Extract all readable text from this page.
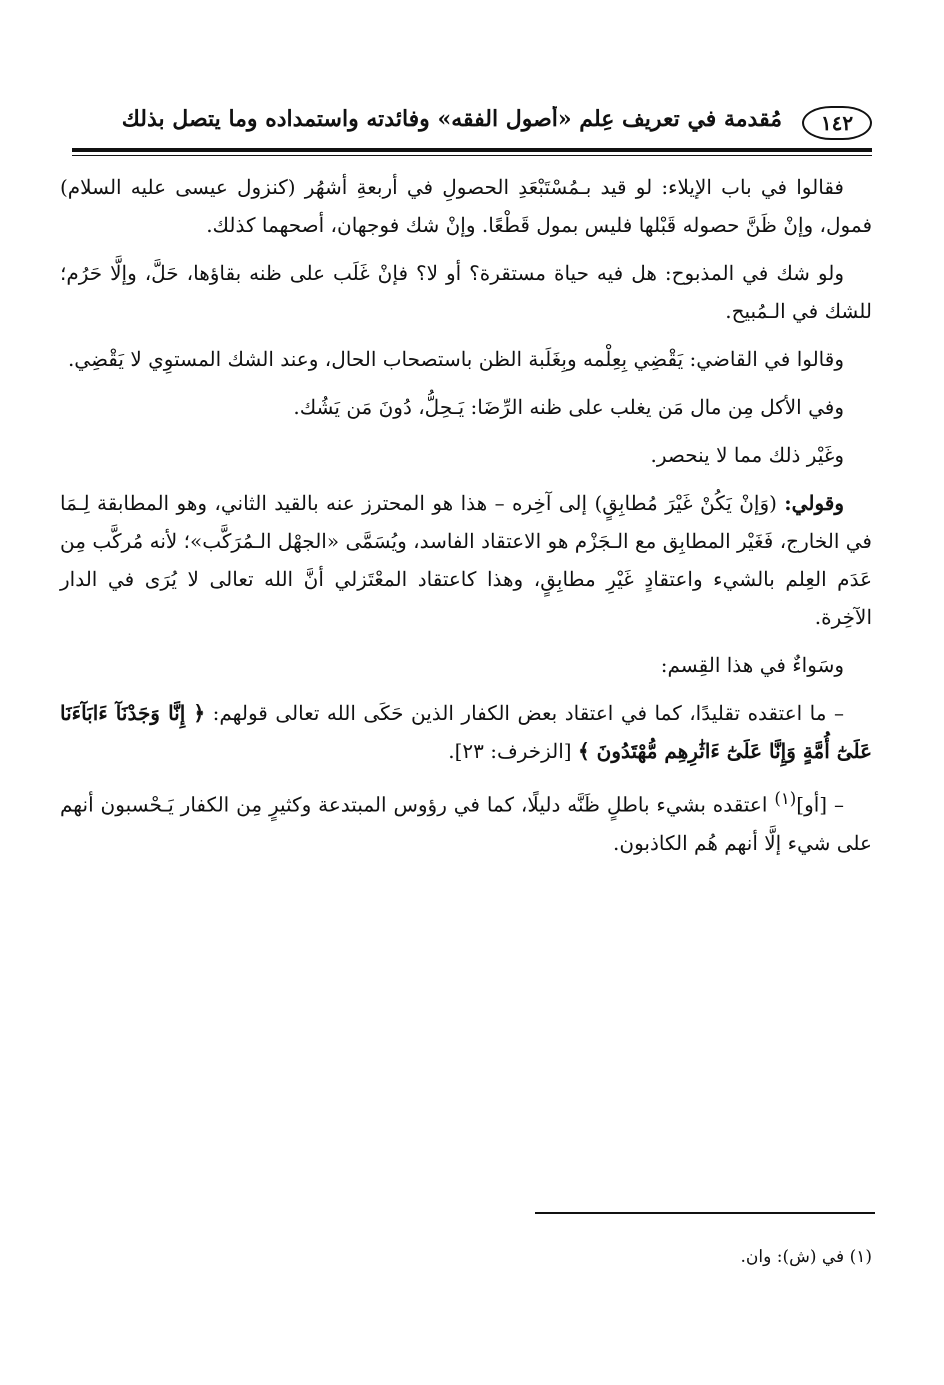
١٤٢
مُقدمة في تعريف عِلم «أصول الفقه» وفائدته واستمداده وما يتصل بذلك

فقالوا في باب الإيلاء: لو قيد بـمُسْتَبْعَدِ الحصولِ في أربعةِ أشهُر (كنزول عيسى عليه السلام) فمول، وإنْ ظَنَّ حصوله قَبْلها فليس بمول قَطْعًا. وإنْ شك فوجهان، أصحهما كذلك.

ولو شك في المذبوح: هل فيه حياة مستقرة؟ أو لا؟ فإنْ غَلَب على ظنه بقاؤها، حَلَّ، وإلَّا حَرُم؛ للشك في الـمُبيح.

وقالوا في القاضي: يَقْضِي بِعِلْمه وبِغَلَبة الظن باستصحاب الحال، وعند الشك المستوِي لا يَقْضِي.

وفي الأكل مِن مال مَن يغلب على ظنه الرِّضَا: يَـحِلُّ، دُونَ مَن يَشُك.

وغَيْر ذلك مما لا ينحصر.

وقولي: (وَإنْ يَكُنْ غَيْرَ مُطابِقٍ) إلى آخِره – هذا هو المحترز عنه بالقيد الثاني، وهو المطابقة لِـمَا في الخارج، فَغَيْر المطابِق مع الـجَزْم هو الاعتقاد الفاسد، ويُسَمَّى «الجهْل الـمُرَكَّب»؛ لأنه مُركَّب مِن عَدَم العِلم بالشيء واعتقادٍ غَيْرِ مطابِقٍ، وهذا كاعتقاد المعْتَزلي أنَّ الله تعالى لا يُرَى في الدار الآخِرة.

وسَواءٌ في هذا القِسم:

– ما اعتقده تقليدًا، كما في اعتقاد بعض الكفار الذين حَكَى الله تعالى قولهم: ﴿ إِنَّا وَجَدْنَآ ءَابَآءَنَا عَلَىٰٓ أُمَّةٍ وَإِنَّا عَلَىٰٓ ءَاثَٰرِهِم مُّهْتَدُونَ ﴾ [الزخرف: ٢٣].

– [أو]$^{(١)}$ اعتقده بشيء باطلٍ ظَنَّه دليلًا، كما في رؤوس المبتدعة وكثيرٍ مِن الكفار يَـحْسبون أنهم على شيء إلَّا أنهم هُم الكاذبون.

(١) في (ش): وان.
